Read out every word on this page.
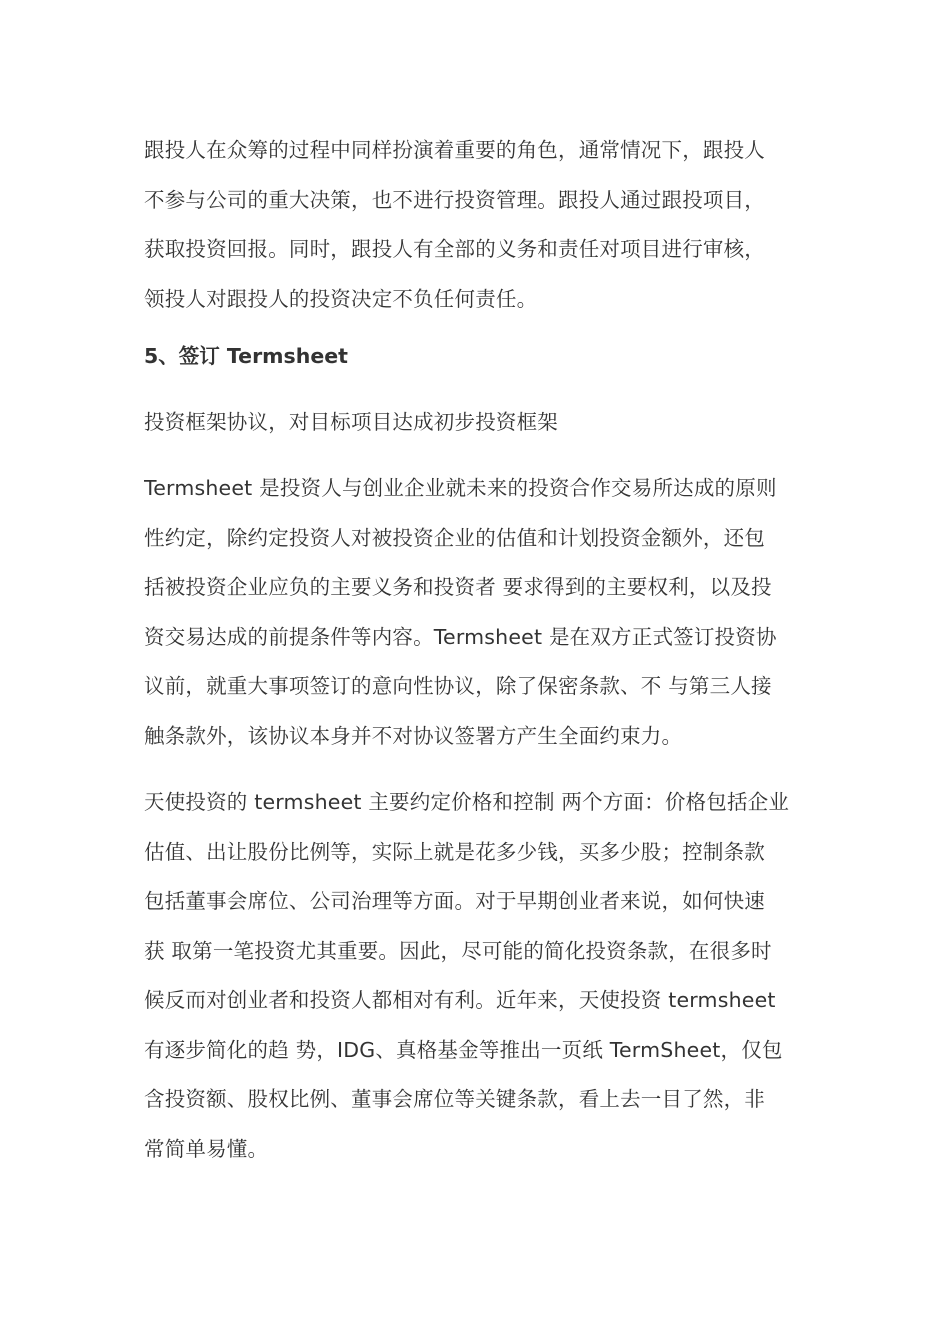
跟投人在众筹的过程中同样扮演着重要的角色，通常情况下，跟投人
不参与公司的重大决策，也不进行投资管理。跟投人通过跟投项目，
获取投资回报。同时，跟投人有全部的义务和责任对项目进行审核，
领投人对跟投人的投资决定不负任何责任。

5、签订 Termsheet

投资框架协议，对目标项目达成初步投资框架

Termsheet 是投资人与创业企业就未来的投资合作交易所达成的原则
性约定，除约定投资人对被投资企业的估值和计划投资金额外，还包
括被投资企业应负的主要义务和投资者 要求得到的主要权利，以及投
资交易达成的前提条件等内容。Termsheet 是在双方正式签订投资协
议前，就重大事项签订的意向性协议，除了保密条款、不 与第三人接
触条款外，该协议本身并不对协议签署方产生全面约束力。

天使投资的 termsheet 主要约定价格和控制 两个方面：价格包括企业
估值、出让股份比例等，实际上就是花多少钱，买多少股；控制条款
包括董事会席位、公司治理等方面。对于早期创业者来说，如何快速
获 取第一笔投资尤其重要。因此，尽可能的简化投资条款，在很多时
候反而对创业者和投资人都相对有利。近年来，天使投资 termsheet
有逐步简化的趋 势，IDG、真格基金等推出一页纸 TermSheet，仅包
含投资额、股权比例、董事会席位等关键条款，看上去一目了然，非
常简单易懂。
